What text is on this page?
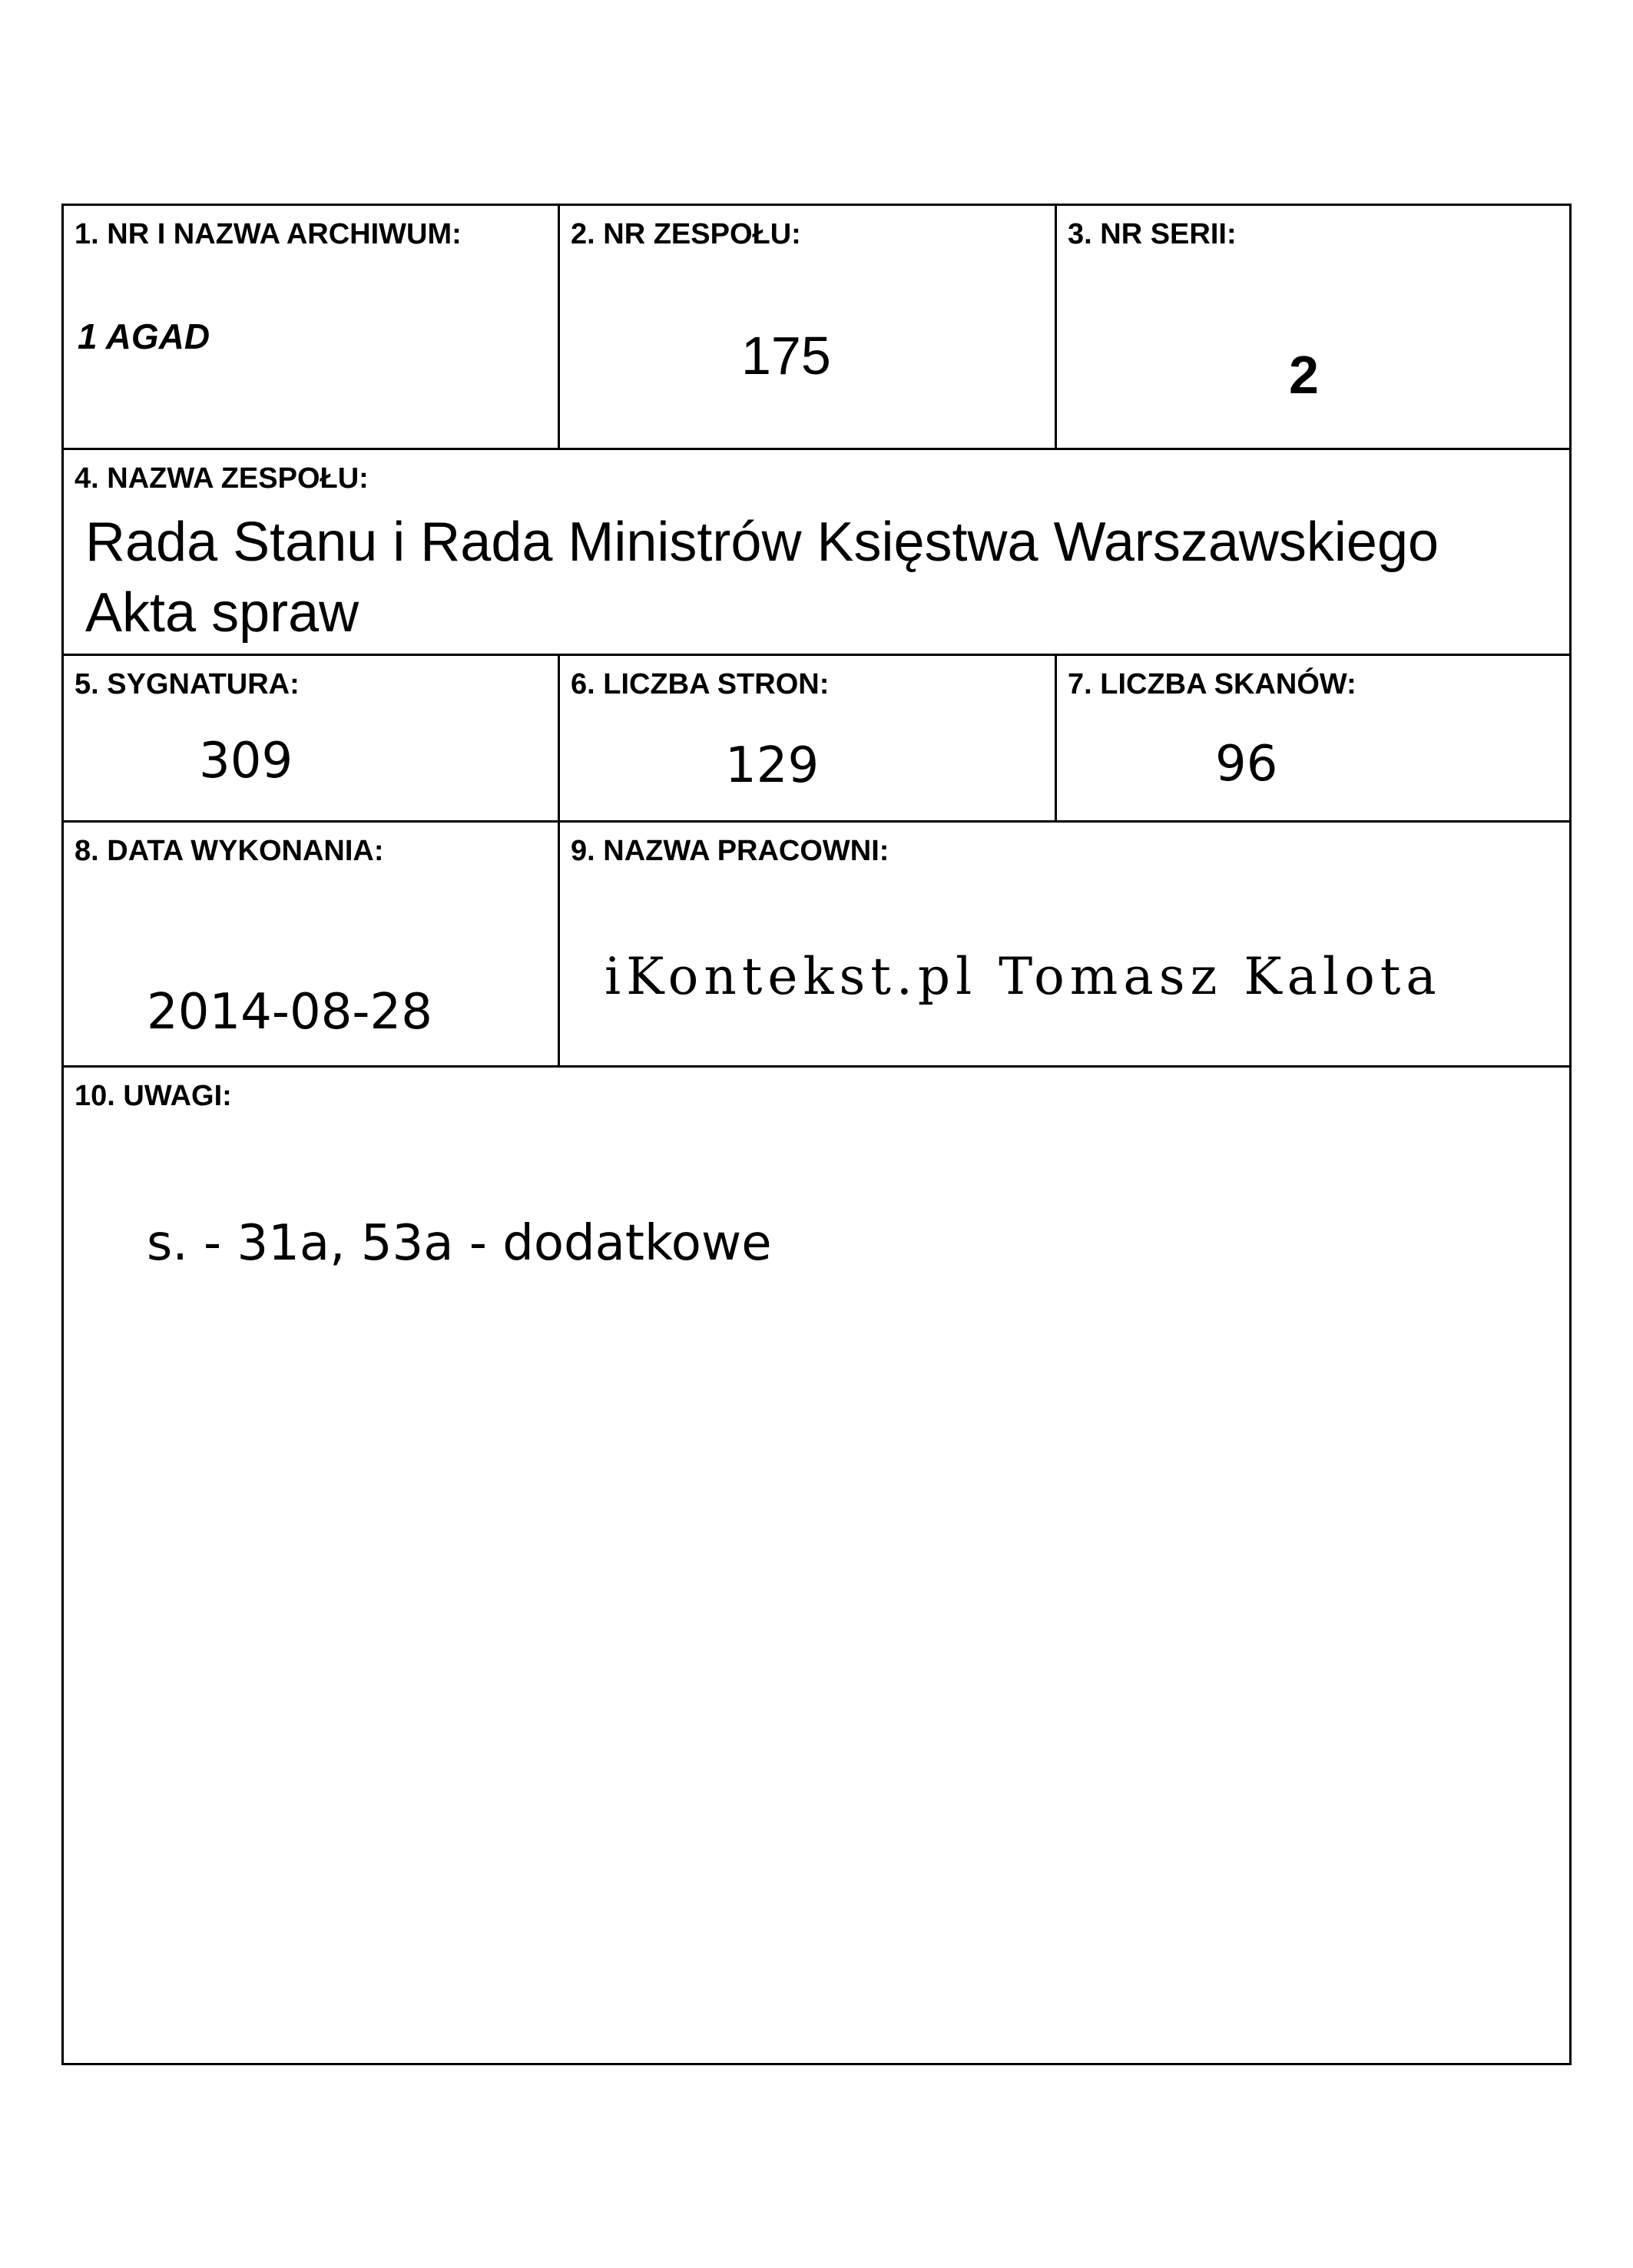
1. NR I NAZWA ARCHIWUM:
1 AGAD
2. NR ZESPOŁU:
175
3. NR SERII:
2
4. NAZWA ZESPOŁU:
Rada Stanu i Rada Ministrów Księstwa Warszawskiego
Akta spraw
5. SYGNATURA:
309
6. LICZBA STRON:
129
7. LICZBA SKANÓW:
96
8. DATA WYKONANIA:
2014-08-28
9. NAZWA PRACOWNI:
iKontekst.pl Tomasz Kalota
10. UWAGI:
s. - 31a, 53a - dodatkowe
